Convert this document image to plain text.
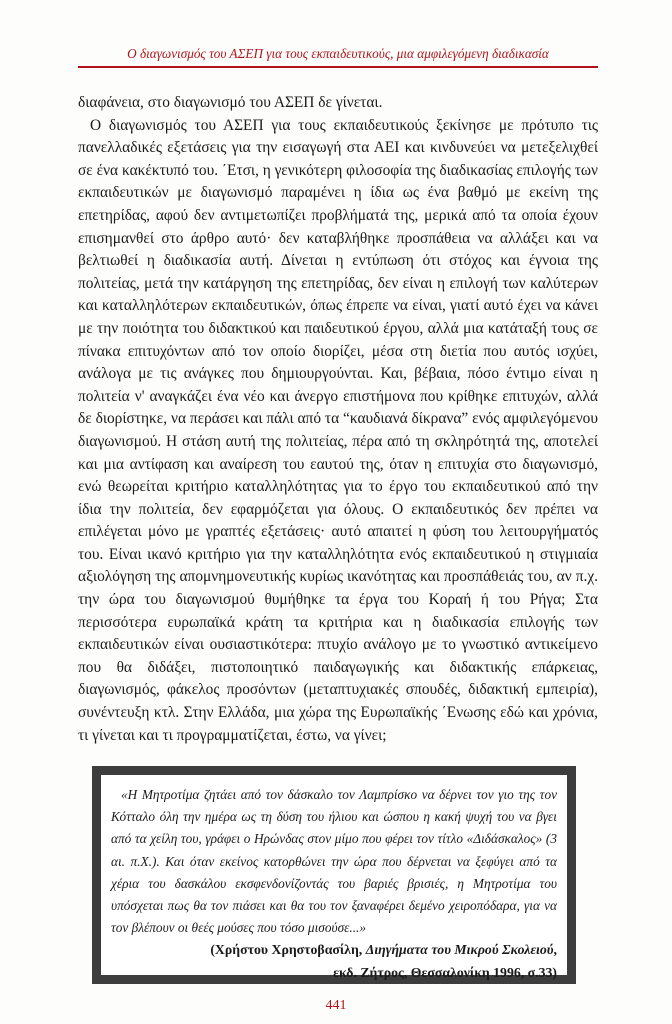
Ο διαγωνισμός του ΑΣΕΠ για τους εκπαιδευτικούς, μια αμφιλεγόμενη διαδικασία

διαφάνεια, στο διαγωνισμό του ΑΣΕΠ δε γίνεται.

Ο διαγωνισμός του ΑΣΕΠ για τους εκπαιδευτικούς ξεκίνησε με πρότυπο τις πανελλαδικές εξετάσεις για την εισαγωγή στα ΑΕΙ και κινδυνεύει να μετεξελιχθεί σε ένα κακέκτυπό του. ΄Ετσι, η γενικότερη φιλοσοφία της διαδικασίας επιλογής των εκπαιδευτικών με διαγωνισμό παραμένει η ίδια ως ένα βαθμό με εκείνη της επετηρίδας, αφού δεν αντιμετωπίζει προβλήματά της, μερικά από τα οποία έχουν επισημανθεί στο άρθρο αυτό· δεν καταβλήθηκε προσπάθεια να αλλάξει και να βελτιωθεί η διαδικασία αυτή. Δίνεται η εντύπωση ότι στόχος και έγνοια της πολιτείας, μετά την κατάργηση της επετηρίδας, δεν είναι η επιλογή των καλύτερων και καταλληλότερων εκπαιδευτικών, όπως έπρεπε να είναι, γιατί αυτό έχει να κάνει με την ποιότητα του διδακτικού και παιδευτικού έργου, αλλά μια κατάταξή τους σε πίνακα επιτυχόντων από τον οποίο διορίζει, μέσα στη διετία που αυτός ισχύει, ανάλογα με τις ανάγκες που δημιουργούνται. Και, βέβαια, πόσο έντιμο είναι η πολιτεία ν' αναγκάζει ένα νέο και άνεργο επιστήμονα που κρίθηκε επιτυχών, αλλά δε διορίστηκε, να περάσει και πάλι από τα “καυδιανά δίκρανα” ενός αμφιλεγόμενου διαγωνισμού. Η στάση αυτή της πολιτείας, πέρα από τη σκληρότητά της, αποτελεί και μια αντίφαση και αναίρεση του εαυτού της, όταν η επιτυχία στο διαγωνισμό, ενώ θεωρείται κριτήριο καταλληλότητας για το έργο του εκπαιδευτικού από την ίδια την πολιτεία, δεν εφαρμόζεται για όλους. Ο εκπαιδευτικός δεν πρέπει να επιλέγεται μόνο με γραπτές εξετάσεις· αυτό απαιτεί η φύση του λειτουργήματός του. Είναι ικανό κριτήριο για την καταλληλότητα ενός εκπαιδευτικού η στιγμιαία αξιολόγηση της απομνημονευτικής κυρίως ικανότητας και προσπάθειάς του, αν π.χ. την ώρα του διαγωνισμού θυμήθηκε τα έργα του Κοραή ή του Ρήγα; Στα περισσότερα ευρωπαϊκά κράτη τα κριτήρια και η διαδικασία επιλογής των εκπαιδευτικών είναι ουσιαστικότερα: πτυχίο ανάλογο με το γνωστικό αντικείμενο που θα διδάξει, πιστοποιητικό παιδαγωγικής και διδακτικής επάρκειας, διαγωνισμός, φάκελος προσόντων (μεταπτυχιακές σπουδές, διδακτική εμπειρία), συνέντευξη κτλ. Στην Ελλάδα, μια χώρα της Ευρωπαϊκής ΄Ενωσης εδώ και χρόνια, τι γίνεται και τι προγραμματίζεται, έστω, να γίνει;

«Η Μητροτίμα ζητάει από τον δάσκαλο τον Λαμπρίσκο να δέρνει τον γιο της τον Κότταλο όλη την ημέρα ως τη δύση του ήλιου και ώσπου η κακή ψυχή του να βγει από τα χείλη του, γράφει ο Ηρώνδας στον μίμο που φέρει τον τίτλο «Διδάσκαλος» (3 αι. π.Χ.). Και όταν εκείνος κατορθώνει την ώρα που δέρνεται να ξεφύγει από τα χέρια του δασκάλου εκσφενδονίζοντάς του βαριές βρισιές, η Μητροτίμα του υπόσχεται πως θα τον πιάσει και θα του τον ξαναφέρει δεμένο χειροπόδαρα, για να τον βλέπουν οι θεές μούσες που τόσο μισούσε...»

(Χρήστου Χρηστοβασίλη, Διηγήματα του Μικρού Σκολειού,
εκδ. Ζήτρος, Θεσσαλονίκη 1996, σ.33)

441
